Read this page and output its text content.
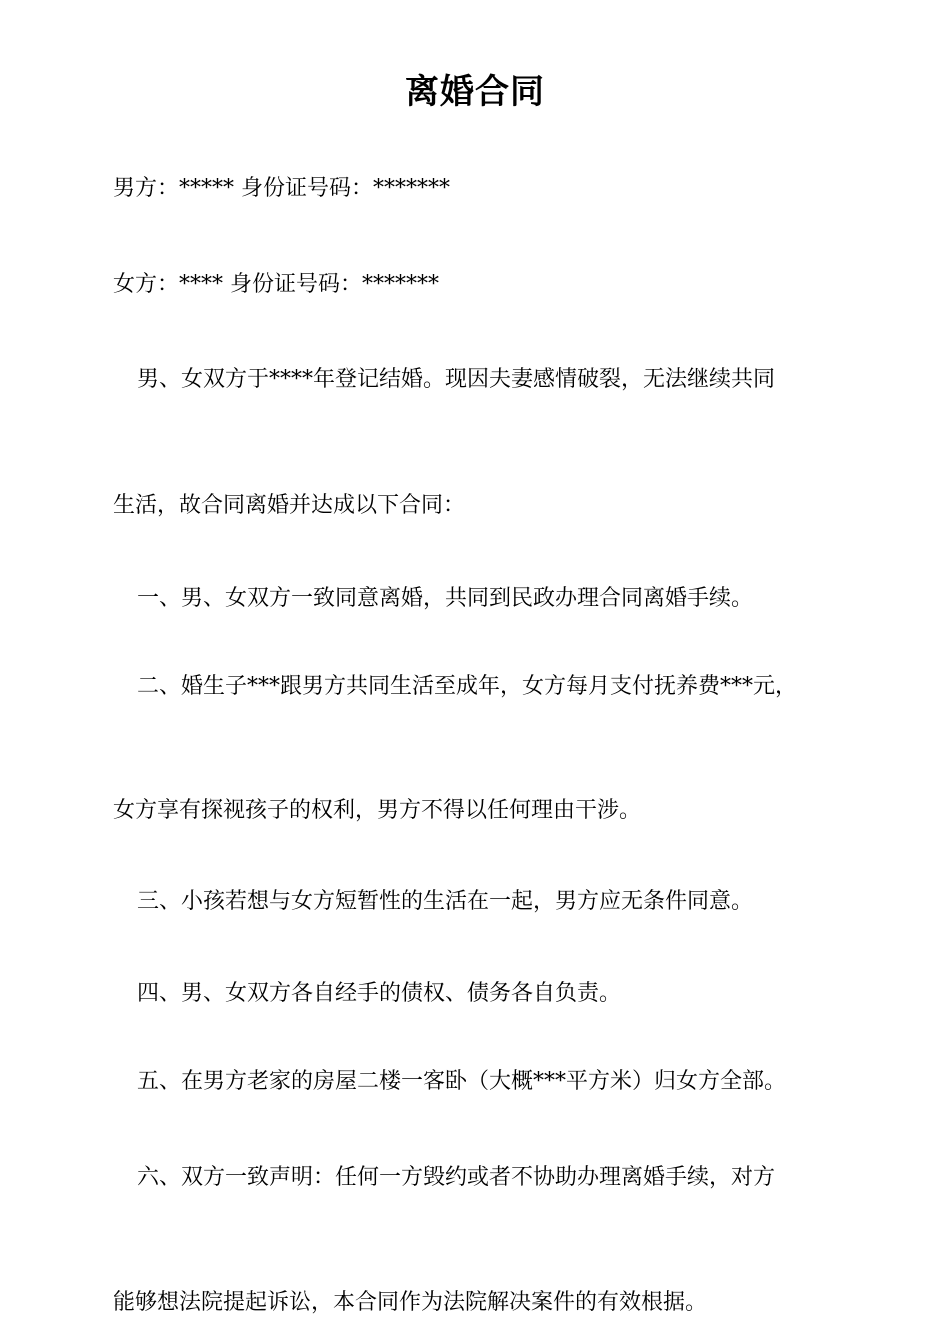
离婚合同
男方：***** 身份证号码：*******
女方：**** 身份证号码：*******
男、女双方于****年登记结婚。现因夫妻感情破裂，无法继续共同
生活，故合同离婚并达成以下合同：
一、男、女双方一致同意离婚，共同到民政办理合同离婚手续。
二、婚生子***跟男方共同生活至成年，女方每月支付抚养费***元，
女方享有探视孩子的权利，男方不得以任何理由干涉。
三、小孩若想与女方短暂性的生活在一起，男方应无条件同意。
四、男、女双方各自经手的债权、债务各自负责。
五、在男方老家的房屋二楼一客卧（大概***平方米）归女方全部。
六、双方一致声明：任何一方毁约或者不协助办理离婚手续，对方
能够想法院提起诉讼，本合同作为法院解决案件的有效根据。
